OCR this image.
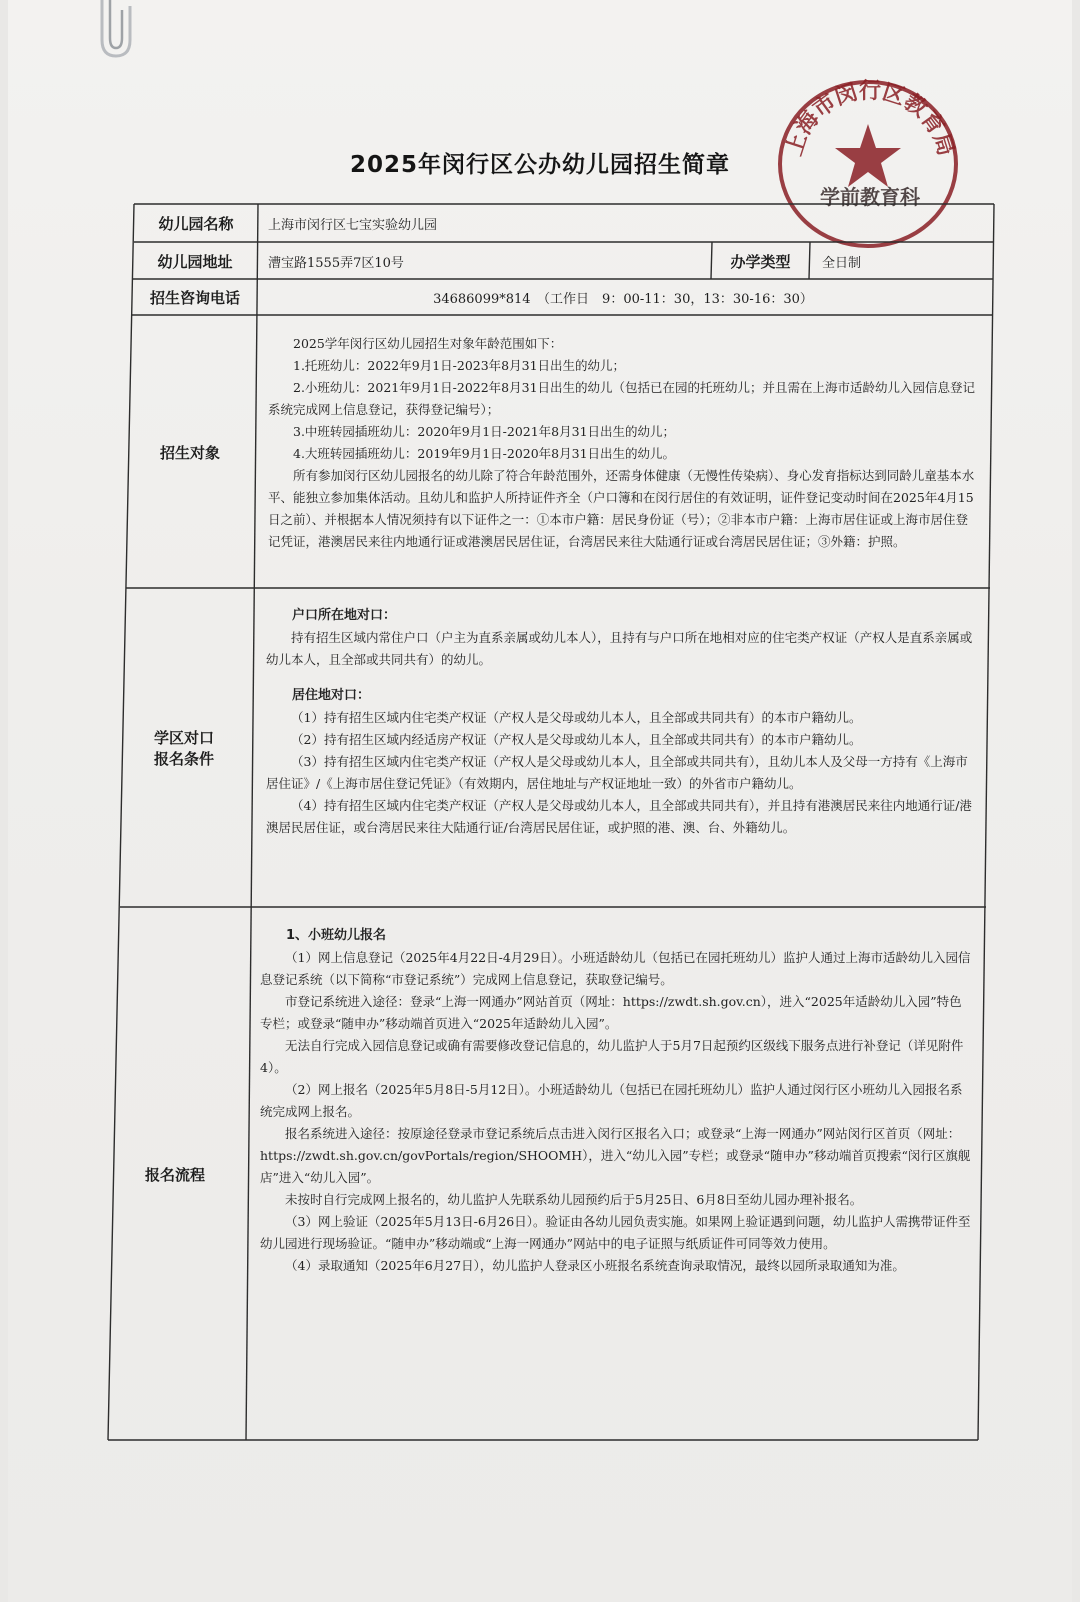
2025年闵行区公办幼儿园招生简章
上海市闵行区教育局
学前教育科
幼儿园名称	上海市闵行区七宝实验幼儿园
幼儿园地址	漕宝路1555弄7区10号	办学类型	全日制
招生咨询电话	34686099*814　（工作日　9：00-11：30，13：30-16：30）
招生对象

2025学年闵行区幼儿园招生对象年龄范围如下：

1.托班幼儿：2022年9月1日-2023年8月31日出生的幼儿；

2.小班幼儿：2021年9月1日-2022年8月31日出生的幼儿（包括已在园的托班幼儿；并且需在上海市适龄幼儿入园信息登记系统完成网上信息登记，获得登记编号）；

3.中班转园插班幼儿：2020年9月1日-2021年8月31日出生的幼儿；

4.大班转园插班幼儿：2019年9月1日-2020年8月31日出生的幼儿。

所有参加闵行区幼儿园报名的幼儿除了符合年龄范围外，还需身体健康（无慢性传染病）、身心发育指标达到同龄儿童基本水平、能独立参加集体活动。且幼儿和监护人所持证件齐全（户口簿和在闵行居住的有效证明，证件登记变动时间在2025年4月15日之前）、并根据本人情况须持有以下证件之一：①本市户籍：居民身份证（号）；②非本市户籍：上海市居住证或上海市居住登记凭证，港澳居民来往内地通行证或港澳居民居住证，台湾居民来往大陆通行证或台湾居民居住证；③外籍：护照。

学区对口
报名条件

户口所在地对口：

持有招生区域内常住户口（户主为直系亲属或幼儿本人），且持有与户口所在地相对应的住宅类产权证（产权人是直系亲属或幼儿本人，且全部或共同共有）的幼儿。

居住地对口：

（1）持有招生区域内住宅类产权证（产权人是父母或幼儿本人，且全部或共同共有）的本市户籍幼儿。

（2）持有招生区域内经适房产权证（产权人是父母或幼儿本人，且全部或共同共有）的本市户籍幼儿。

（3）持有招生区域内住宅类产权证（产权人是父母或幼儿本人，且全部或共同共有），且幼儿本人及父母一方持有《上海市居住证》/《上海市居住登记凭证》（有效期内，居住地址与产权证地址一致）的外省市户籍幼儿。

（4）持有招生区域内住宅类产权证（产权人是父母或幼儿本人，且全部或共同共有），并且持有港澳居民来往内地通行证/港澳居民居住证，或台湾居民来往大陆通行证/台湾居民居住证，或护照的港、澳、台、外籍幼儿。

报名流程

1、小班幼儿报名

（1）网上信息登记（2025年4月22日-4月29日）。小班适龄幼儿（包括已在园托班幼儿）监护人通过上海市适龄幼儿入园信息登记系统（以下简称“市登记系统”）完成网上信息登记，获取登记编号。

市登记系统进入途径：登录“上海一网通办”网站首页（网址：https://zwdt.sh.gov.cn），进入“2025年适龄幼儿入园”特色专栏；或登录“随申办”移动端首页进入“2025年适龄幼儿入园”。

无法自行完成入园信息登记或确有需要修改登记信息的，幼儿监护人于5月7日起预约区级线下服务点进行补登记（详见附件4）。

（2）网上报名（2025年5月8日-5月12日）。小班适龄幼儿（包括已在园托班幼儿）监护人通过闵行区小班幼儿入园报名系统完成网上报名。

报名系统进入途径：按原途径登录市登记系统后点击进入闵行区报名入口；或登录“上海一网通办”网站闵行区首页（网址：https://zwdt.sh.gov.cn/govPortals/region/SHOOMH），进入“幼儿入园”专栏；或登录“随申办”移动端首页搜索“闵行区旗舰店”进入“幼儿入园”。

未按时自行完成网上报名的，幼儿监护人先联系幼儿园预约后于5月25日、6月8日至幼儿园办理补报名。

（3）网上验证（2025年5月13日-6月26日）。验证由各幼儿园负责实施。如果网上验证遇到问题，幼儿监护人需携带证件至幼儿园进行现场验证。“随申办”移动端或“上海一网通办”网站中的电子证照与纸质证件可同等效力使用。

（4）录取通知（2025年6月27日），幼儿监护人登录区小班报名系统查询录取情况，最终以园所录取通知为准。
